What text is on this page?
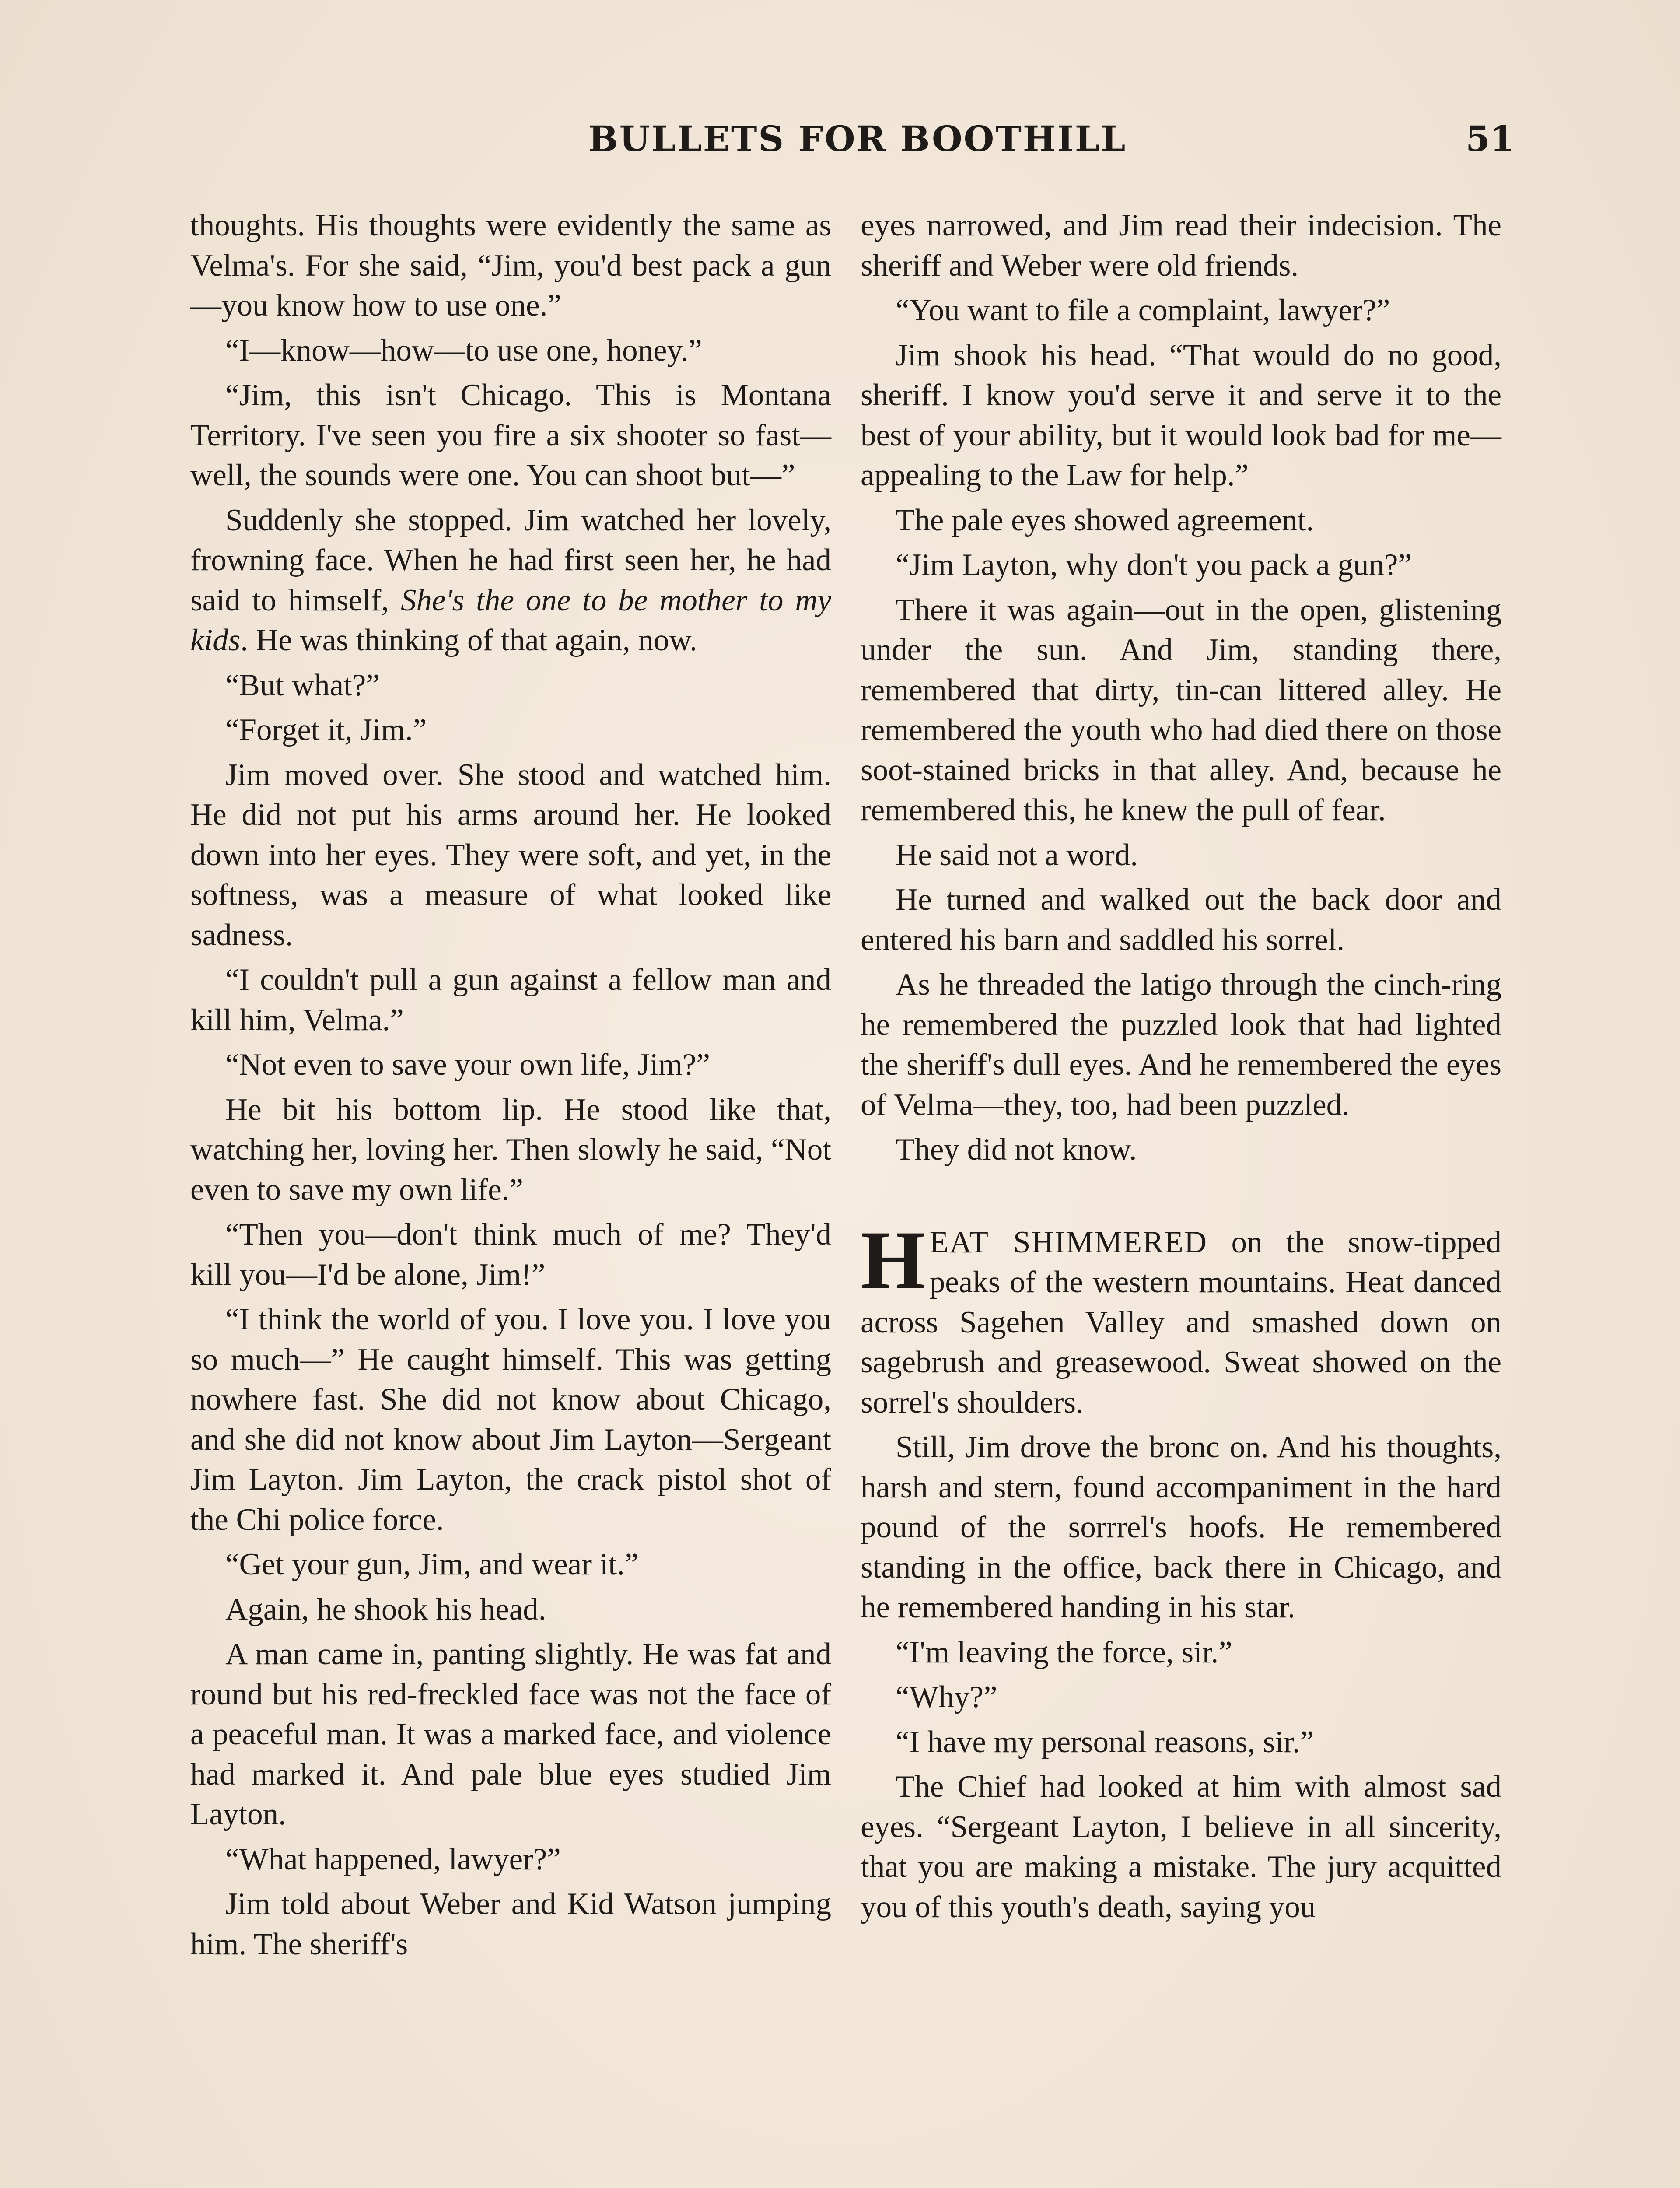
BULLETS FOR BOOTHILL	51

thoughts. His thoughts were evidently the same as Velma's. For she said, “Jim, you'd best pack a gun—you know how to use one.”

“I—know—how—to use one, honey.”

“Jim, this isn't Chicago. This is Montana Territory. I've seen you fire a six shooter so fast—well, the sounds were one. You can shoot but—”

Suddenly she stopped. Jim watched her lovely, frowning face. When he had first seen her, he had said to himself, She's the one to be mother to my kids. He was thinking of that again, now.

“But what?”

“Forget it, Jim.”

Jim moved over. She stood and watched him. He did not put his arms around her. He looked down into her eyes. They were soft, and yet, in the softness, was a measure of what looked like sadness.

“I couldn't pull a gun against a fellow man and kill him, Velma.”

“Not even to save your own life, Jim?”

He bit his bottom lip. He stood like that, watching her, loving her. Then slowly he said, “Not even to save my own life.”

“Then you—don't think much of me? They'd kill you—I'd be alone, Jim!”

“I think the world of you. I love you. I love you so much—” He caught himself. This was getting nowhere fast. She did not know about Chicago, and she did not know about Jim Layton—Sergeant Jim Layton. Jim Layton, the crack pistol shot of the Chi police force.

“Get your gun, Jim, and wear it.”

Again, he shook his head.

A man came in, panting slightly. He was fat and round but his red-freckled face was not the face of a peaceful man. It was a marked face, and violence had marked it. And pale blue eyes studied Jim Layton.

“What happened, lawyer?”

Jim told about Weber and Kid Watson jumping him. The sheriff's

eyes narrowed, and Jim read their indecision. The sheriff and Weber were old friends.

“You want to file a complaint, lawyer?”

Jim shook his head. “That would do no good, sheriff. I know you'd serve it and serve it to the best of your ability, but it would look bad for me—appealing to the Law for help.”

The pale eyes showed agreement.

“Jim Layton, why don't you pack a gun?”

There it was again—out in the open, glistening under the sun. And Jim, standing there, remembered that dirty, tin-can littered alley. He remembered the youth who had died there on those soot-stained bricks in that alley. And, because he remembered this, he knew the pull of fear.

He said not a word.

He turned and walked out the back door and entered his barn and saddled his sorrel.

As he threaded the latigo through the cinch-ring he remembered the puzzled look that had lighted the sheriff's dull eyes. And he remembered the eyes of Velma—they, too, had been puzzled.

They did not know.

HEAT SHIMMERED on the snow-tipped peaks of the western mountains. Heat danced across Sagehen Valley and smashed down on sagebrush and greasewood. Sweat showed on the sorrel's shoulders.

Still, Jim drove the bronc on. And his thoughts, harsh and stern, found accompaniment in the hard pound of the sorrrel's hoofs. He remembered standing in the office, back there in Chicago, and he remembered handing in his star.

“I'm leaving the force, sir.”

“Why?”

“I have my personal reasons, sir.”

The Chief had looked at him with almost sad eyes. “Sergeant Layton, I believe in all sincerity, that you are making a mistake. The jury acquitted you of this youth's death, saying you
